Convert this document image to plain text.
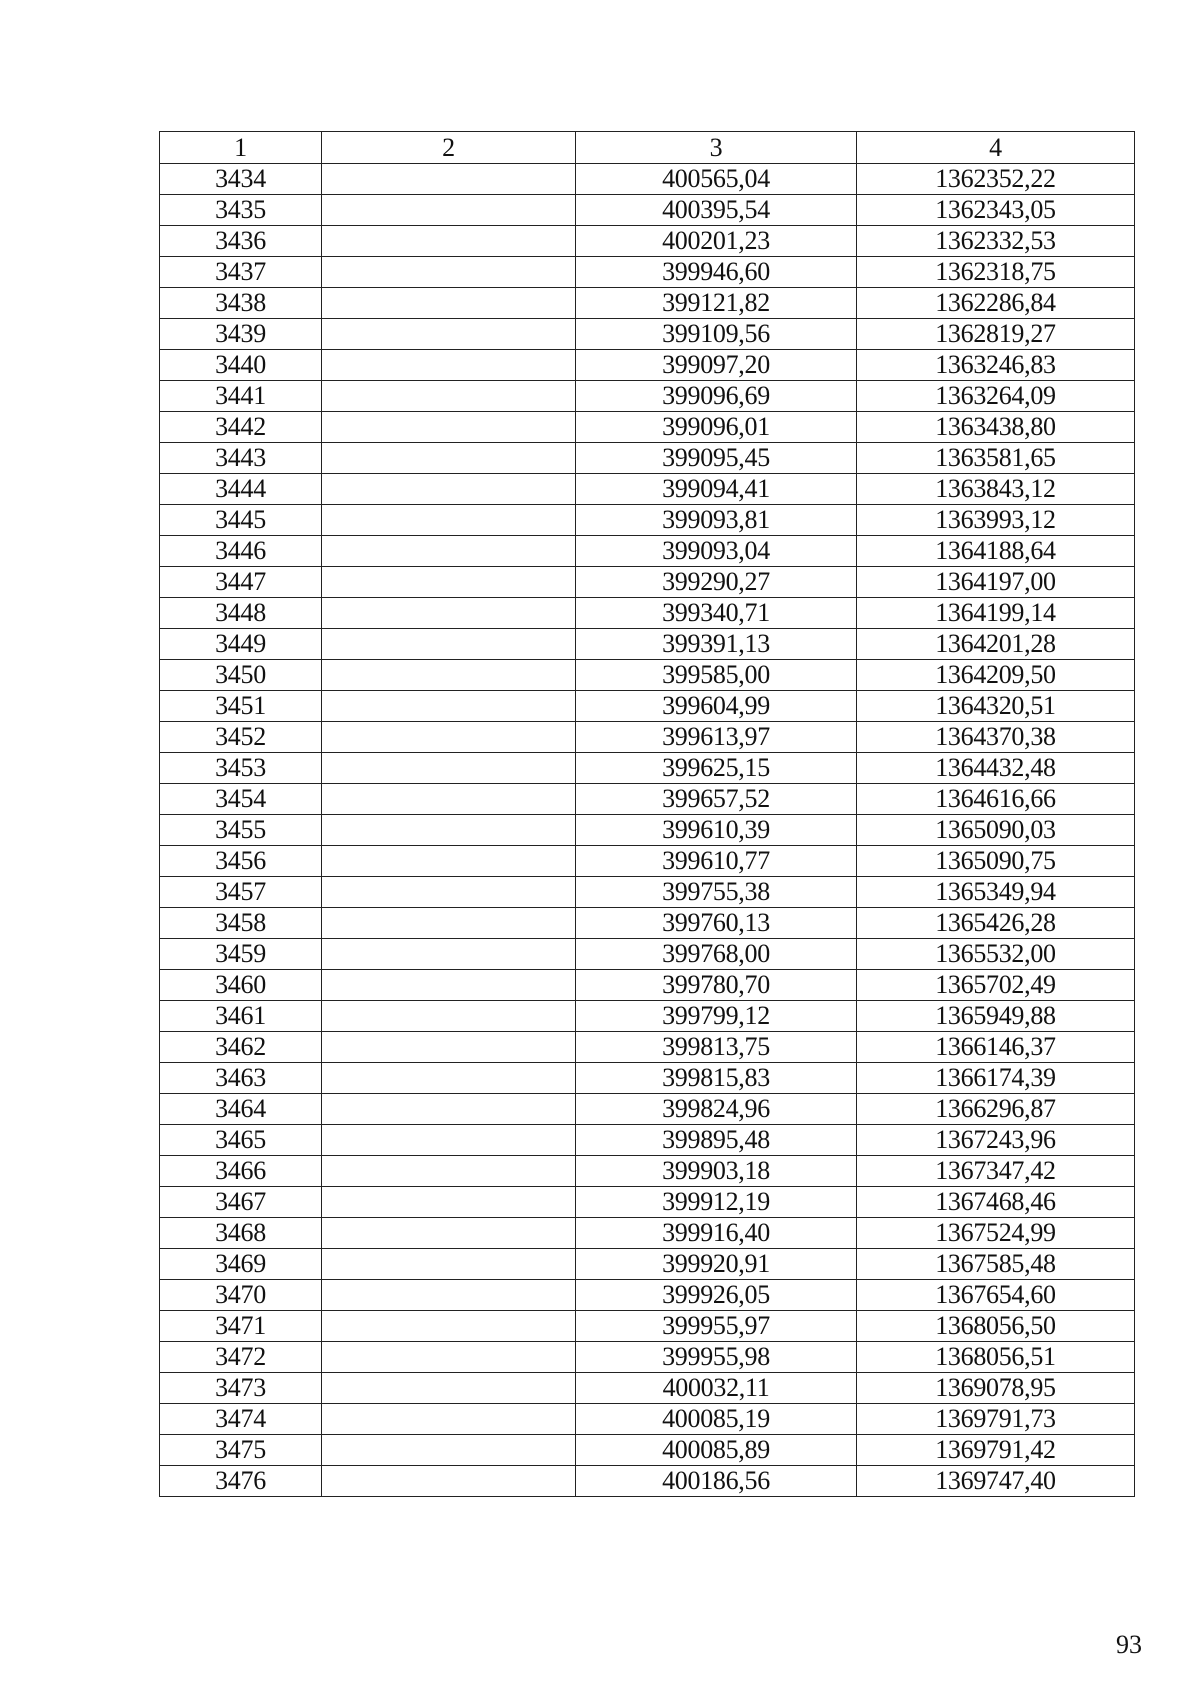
1	2	3	4
3434		400565,04	1362352,22
3435		400395,54	1362343,05
3436		400201,23	1362332,53
3437		399946,60	1362318,75
3438		399121,82	1362286,84
3439		399109,56	1362819,27
3440		399097,20	1363246,83
3441		399096,69	1363264,09
3442		399096,01	1363438,80
3443		399095,45	1363581,65
3444		399094,41	1363843,12
3445		399093,81	1363993,12
3446		399093,04	1364188,64
3447		399290,27	1364197,00
3448		399340,71	1364199,14
3449		399391,13	1364201,28
3450		399585,00	1364209,50
3451		399604,99	1364320,51
3452		399613,97	1364370,38
3453		399625,15	1364432,48
3454		399657,52	1364616,66
3455		399610,39	1365090,03
3456		399610,77	1365090,75
3457		399755,38	1365349,94
3458		399760,13	1365426,28
3459		399768,00	1365532,00
3460		399780,70	1365702,49
3461		399799,12	1365949,88
3462		399813,75	1366146,37
3463		399815,83	1366174,39
3464		399824,96	1366296,87
3465		399895,48	1367243,96
3466		399903,18	1367347,42
3467		399912,19	1367468,46
3468		399916,40	1367524,99
3469		399920,91	1367585,48
3470		399926,05	1367654,60
3471		399955,97	1368056,50
3472		399955,98	1368056,51
3473		400032,11	1369078,95
3474		400085,19	1369791,73
3475		400085,89	1369791,42
3476		400186,56	1369747,40
93
